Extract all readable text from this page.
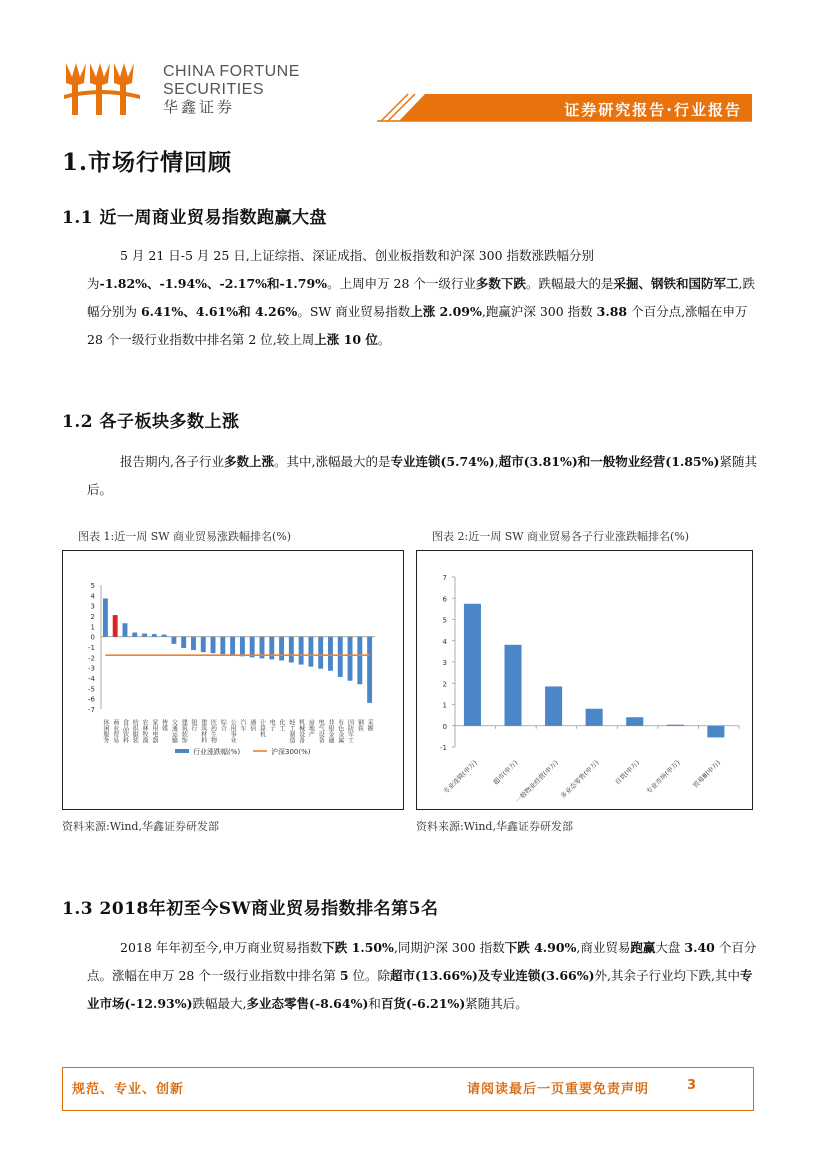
CHINA FORTUNE
SECURITIES
华鑫证券	证券研究报告·行业报告
1.市场行情回顾
1.1 近一周商业贸易指数跑赢大盘
5 月 21 日-5 月 25 日,上证综指、深证成指、创业板指数和沪深 300 指数涨跌幅分别为-1.82%、-1.94%、-2.17%和-1.79%。上周申万 28 个一级行业多数下跌。跌幅最大的是采掘、钢铁和国防军工,跌幅分别为 6.41%、4.61%和 4.26%。SW 商业贸易指数上涨 2.09%,跑赢沪深 300 指数 3.88 个百分点,涨幅在申万 28 个一级行业指数中排名第 2 位,较上周上涨 10 位。
1.2 各子板块多数上涨
报告期内,各子行业多数上涨。其中,涨幅最大的是专业连锁(5.74%),超市(3.81%)和一般物业经营(1.85%)紧随其后。
图表 1:近一周 SW 商业贸易涨跌幅排名(%)
5
4
3
2
1
0
-1
-2
-3
-4
-5
-6
-7
休闲服务 商业贸易 食品饮料 纺织服装 农林牧渔 家用电器 传媒 交通运输 建筑装饰 银行 建筑材料 医药生物 综合 公用事业 汽车 通信 计算机 电子 化工 轻工制造 机械设备 房地产 电气设备 非银金融 有色金属 国防军工 钢铁 采掘
行业涨跌幅(%)	沪深300(%)
资料来源:Wind,华鑫证券研发部
图表 2:近一周 SW 商业贸易各子行业涨跌幅排名(%)
7
6
5
4
3
2
1
0
-1
专业连锁(申万) 超市(申万)
一般物业经营(申万) 多业态零售(申万) 百货(申万) 专业市场(申万) 贸易Ⅲ(申万)
资料来源:Wind,华鑫证券研发部
1.3 2018年初至今SW商业贸易指数排名第5名
2018 年年初至今,申万商业贸易指数下跌 1.50%,同期沪深 300 指数下跌 4.90%,商业贸易跑赢大盘 3.40 个百分点。涨幅在申万 28 个一级行业指数中排名第 5 位。除超市(13.66%)及专业连锁(3.66%)外,其余子行业均下跌,其中专业市场(-12.93%)跌幅最大,多业态零售(-8.64%)和百货(-6.21%)紧随其后。
规范、专业、创新	请阅读最后一页重要免责声明	3
